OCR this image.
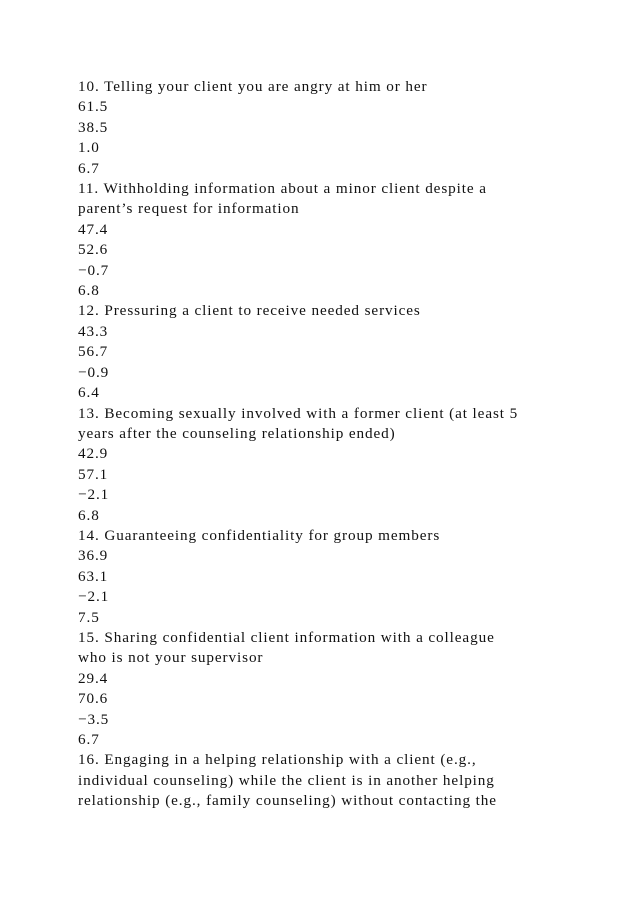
10. Telling your client you are angry at him or her
61.5
38.5
1.0
6.7
11. Withholding information about a minor client despite a
parent’s request for information
47.4
52.6
−0.7
6.8
12. Pressuring a client to receive needed services
43.3
56.7
−0.9
6.4
13. Becoming sexually involved with a former client (at least 5
years after the counseling relationship ended)
42.9
57.1
−2.1
6.8
14. Guaranteeing confidentiality for group members
36.9
63.1
−2.1
7.5
15. Sharing confidential client information with a colleague
who is not your supervisor
29.4
70.6
−3.5
6.7
16. Engaging in a helping relationship with a client (e.g.,
individual counseling) while the client is in another helping
relationship (e.g., family counseling) without contacting the
